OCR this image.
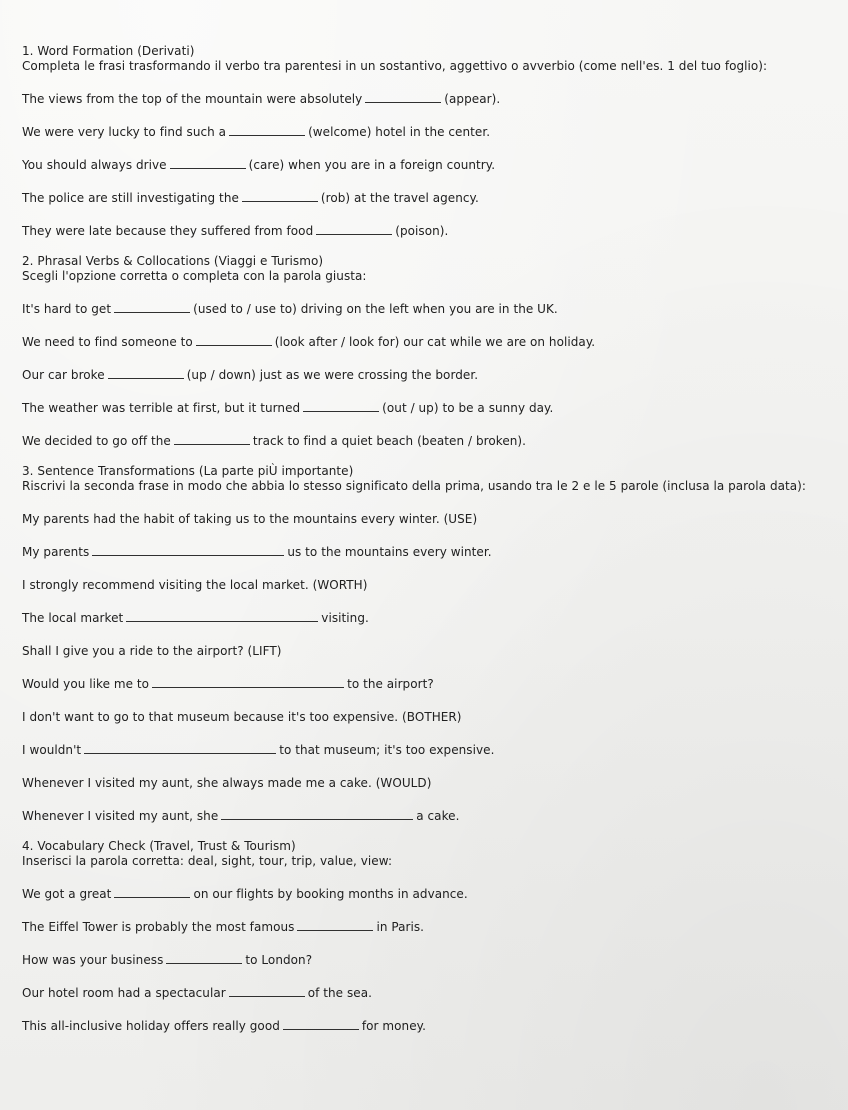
1. Word Formation (Derivati)
Completa le frasi trasformando il verbo tra parentesi in un sostantivo, aggettivo o avverbio (come nell'es. 1 del tuo foglio):
The views from the top of the mountain were absolutely	(appear).
We were very lucky to find such a	(welcome) hotel in the center.
You should always drive	(care) when you are in a foreign country.
The police are still investigating the	(rob) at the travel agency.
They were late because they suffered from food	(poison).
2. Phrasal Verbs & Collocations (Viaggi e Turismo)
Scegli l'opzione corretta o completa con la parola giusta:
It's hard to get	(used to / use to) driving on the left when you are in the UK.
We need to find someone to	(look after / look for) our cat while we are on holiday.
Our car broke	(up / down) just as we were crossing the border.
The weather was terrible at first, but it turned	(out / up) to be a sunny day.
We decided to go off the	track to find a quiet beach (beaten / broken).
3. Sentence Transformations (La parte piÙ importante)
Riscrivi la seconda frase in modo che abbia lo stesso significato della prima, usando tra le 2 e le 5 parole (inclusa la parola data):
My parents had the habit of taking us to the mountains every winter. (USE)
My parents	us to the mountains every winter.
I strongly recommend visiting the local market. (WORTH)
The local market	visiting.
Shall I give you a ride to the airport? (LIFT)
Would you like me to	to the airport?
I don't want to go to that museum because it's too expensive. (BOTHER)
I wouldn't	to that museum; it's too expensive.
Whenever I visited my aunt, she always made me a cake. (WOULD)
Whenever I visited my aunt, she	a cake.
4. Vocabulary Check (Travel, Trust & Tourism)
Inserisci la parola corretta: deal, sight, tour, trip, value, view:
We got a great	on our flights by booking months in advance.
The Eiffel Tower is probably the most famous	in Paris.
How was your business	to London?
Our hotel room had a spectacular	of the sea.
This all-inclusive holiday offers really good	for money.
